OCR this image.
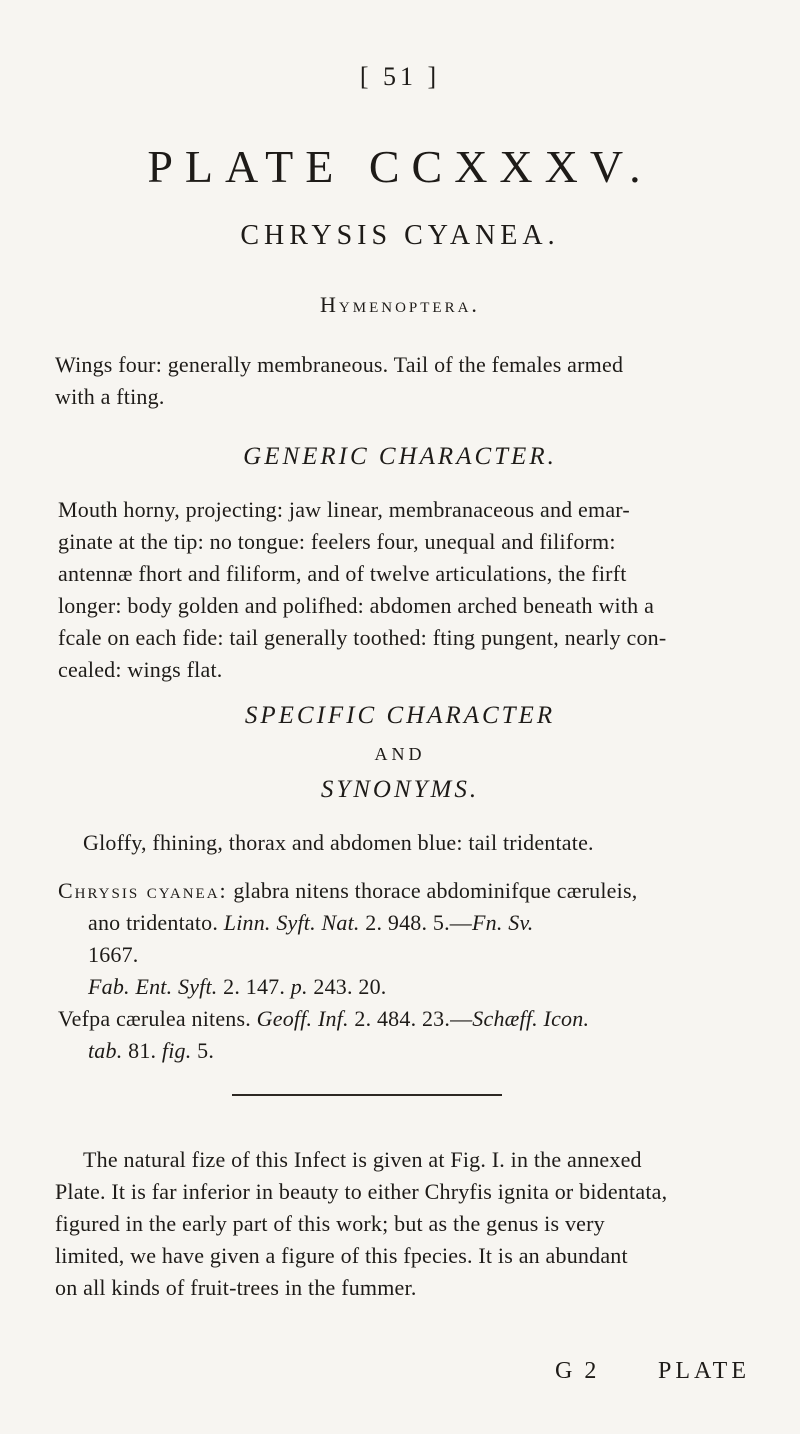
[ 51 ]
PLATE CCXXXV.
CHRYSIS CYANEA.
Hymenoptera.
Wings four: generally membraneous. Tail of the females armed
with a fting.
GENERIC CHARACTER.
Mouth horny, projecting: jaw linear, membranaceous and emar-
ginate at the tip: no tongue: feelers four, unequal and filiform:
antennæ fhort and filiform, and of twelve articulations, the firft
longer: body golden and polifhed: abdomen arched beneath with a
fcale on each fide: tail generally toothed: fting pungent, nearly con-
cealed: wings flat.
SPECIFIC CHARACTER
AND
SYNONYMS.
Gloffy, fhining, thorax and abdomen blue: tail tridentate.
Chrysis cyanea: glabra nitens thorace abdominifque cæruleis,
ano tridentato. Linn. Syft. Nat. 2. 948. 5.—Fn. Sv.
1667.
Fab. Ent. Syft. 2. 147. p. 243. 20.
Vefpa cærulea nitens. Geoff. Inf. 2. 484. 23.—Schæff. Icon.
tab. 81. fig. 5.
The natural fize of this Infect is given at Fig. I. in the annexed
Plate. It is far inferior in beauty to either Chryfis ignita or bidentata,
figured in the early part of this work; but as the genus is very
limited, we have given a figure of this fpecies. It is an abundant
on all kinds of fruit-trees in the fummer.
G 2 PLATE
